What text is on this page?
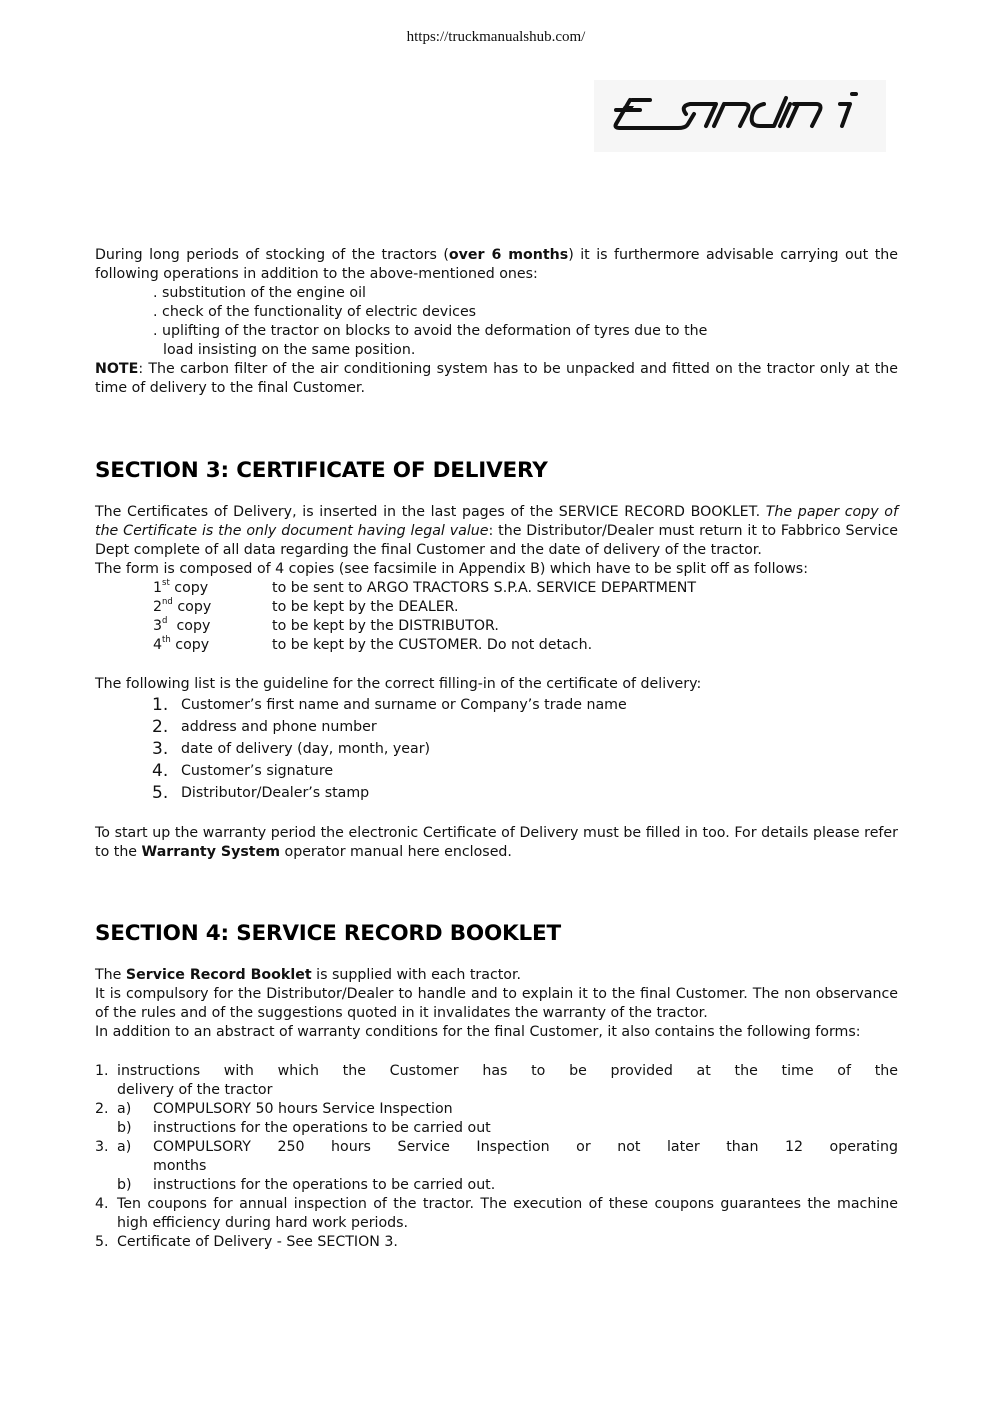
https://truckmanualshub.com/

During long periods of stocking of the tractors (over 6 months) it is furthermore advisable carrying out the following operations in addition to the above-mentioned ones:

. substitution of the engine oil

. check of the functionality of electric devices

. uplifting of the tractor on blocks to avoid the deformation of tyres due to the

load insisting on the same position.

NOTE: The carbon filter of the air conditioning system has to be unpacked and fitted on the tractor only at the time of delivery to the final Customer.

SECTION 3: CERTIFICATE OF DELIVERY

The Certificates of Delivery, is inserted in the last pages of the SERVICE RECORD BOOKLET. The paper copy of the Certificate is the only document having legal value: the Distributor/Dealer must return it to Fabbrico Service Dept complete of all data regarding the final Customer and the date of delivery of the tractor.

The form is composed of 4 copies (see facsimile in Appendix B) which have to be split off as follows:

1st copy	to be sent to ARGO TRACTORS S.P.A. SERVICE DEPARTMENT
2nd copy	to be kept by the DEALER.
3$^d$  copy	to be kept by the DISTRIBUTOR.
4th copy	to be kept by the CUSTOMER. Do not detach.

The following list is the guideline for the correct filling-in of the certificate of delivery:

1. Customer’s first name and surname or Company’s trade name
2. address and phone number
3. date of delivery (day, month, year)
4. Customer’s signature
5. Distributor/Dealer’s stamp

To start up the warranty period the electronic Certificate of Delivery must be filled in too. For details please refer to the Warranty System operator manual here enclosed.

SECTION 4: SERVICE RECORD BOOKLET

The Service Record Booklet is supplied with each tractor.

It is compulsory for the Distributor/Dealer to handle and to explain it to the final Customer. The non observance of the rules and of the suggestions quoted in it invalidates the warranty of the tractor.

In addition to an abstract of warranty conditions for the final Customer, it also contains the following forms:

1. instructions with which the Customer has to be provided at the time of the
delivery of the tractor
2. a)	COMPULSORY 50 hours Service Inspection
b)	instructions for the operations to be carried out
3. a)	COMPULSORY 250 hours Service Inspection or not later than 12 operating
months
b)	instructions for the operations to be carried out.
4. Ten coupons for annual inspection of the tractor. The execution of these coupons guarantees the machine high efficiency during hard work periods.
5. Certificate of Delivery - See SECTION 3.
